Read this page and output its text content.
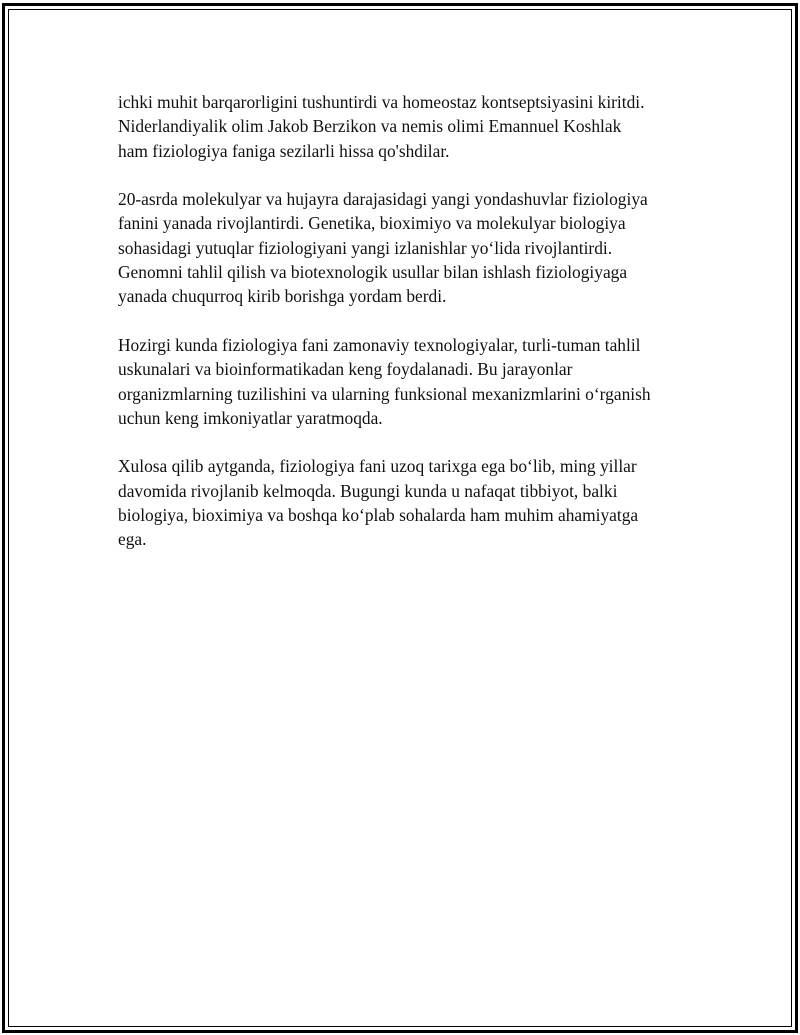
ichki muhit barqarorligini tushuntirdi va homeostaz kontseptsiyasini kiritdi.
Niderlandiyalik olim Jakob Berzikon va nemis olimi Emannuel Koshlak
ham fiziologiya faniga sezilarli hissa qo'shdilar.

20-asrda molekulyar va hujayra darajasidagi yangi yondashuvlar fiziologiya
fanini yanada rivojlantirdi. Genetika, bioximiyo va molekulyar biologiya
sohasidagi yutuqlar fiziologiyani yangi izlanishlar yo‘lida rivojlantirdi.
Genomni tahlil qilish va biotexnologik usullar bilan ishlash fiziologiyaga
yanada chuqurroq kirib borishga yordam berdi.

Hozirgi kunda fiziologiya fani zamonaviy texnologiyalar, turli-tuman tahlil
uskunalari va bioinformatikadan keng foydalanadi. Bu jarayonlar
organizmlarning tuzilishini va ularning funksional mexanizmlarini o‘rganish
uchun keng imkoniyatlar yaratmoqda.

Xulosa qilib aytganda, fiziologiya fani uzoq tarixga ega bo‘lib, ming yillar
davomida rivojlanib kelmoqda. Bugungi kunda u nafaqat tibbiyot, balki
biologiya, bioximiya va boshqa ko‘plab sohalarda ham muhim ahamiyatga
ega.
